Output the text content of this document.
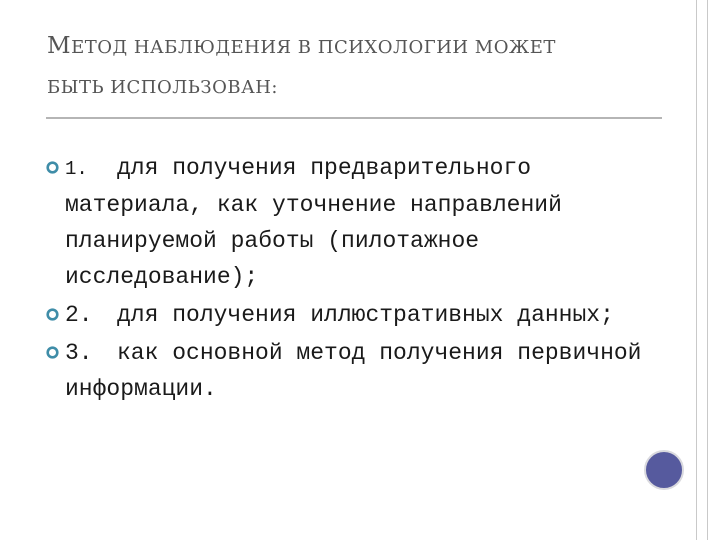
МЕТОД НАБЛЮДЕНИЯ В ПСИХОЛОГИИ МОЖЕТ
БЫТЬ ИСПОЛЬЗОВАН:
1. для получения предварительного материала, как уточнение направлений планируемой работы (пилотажное исследование);
2. для получения иллюстративных данных;
3. как основной метод получения первичной информации.
